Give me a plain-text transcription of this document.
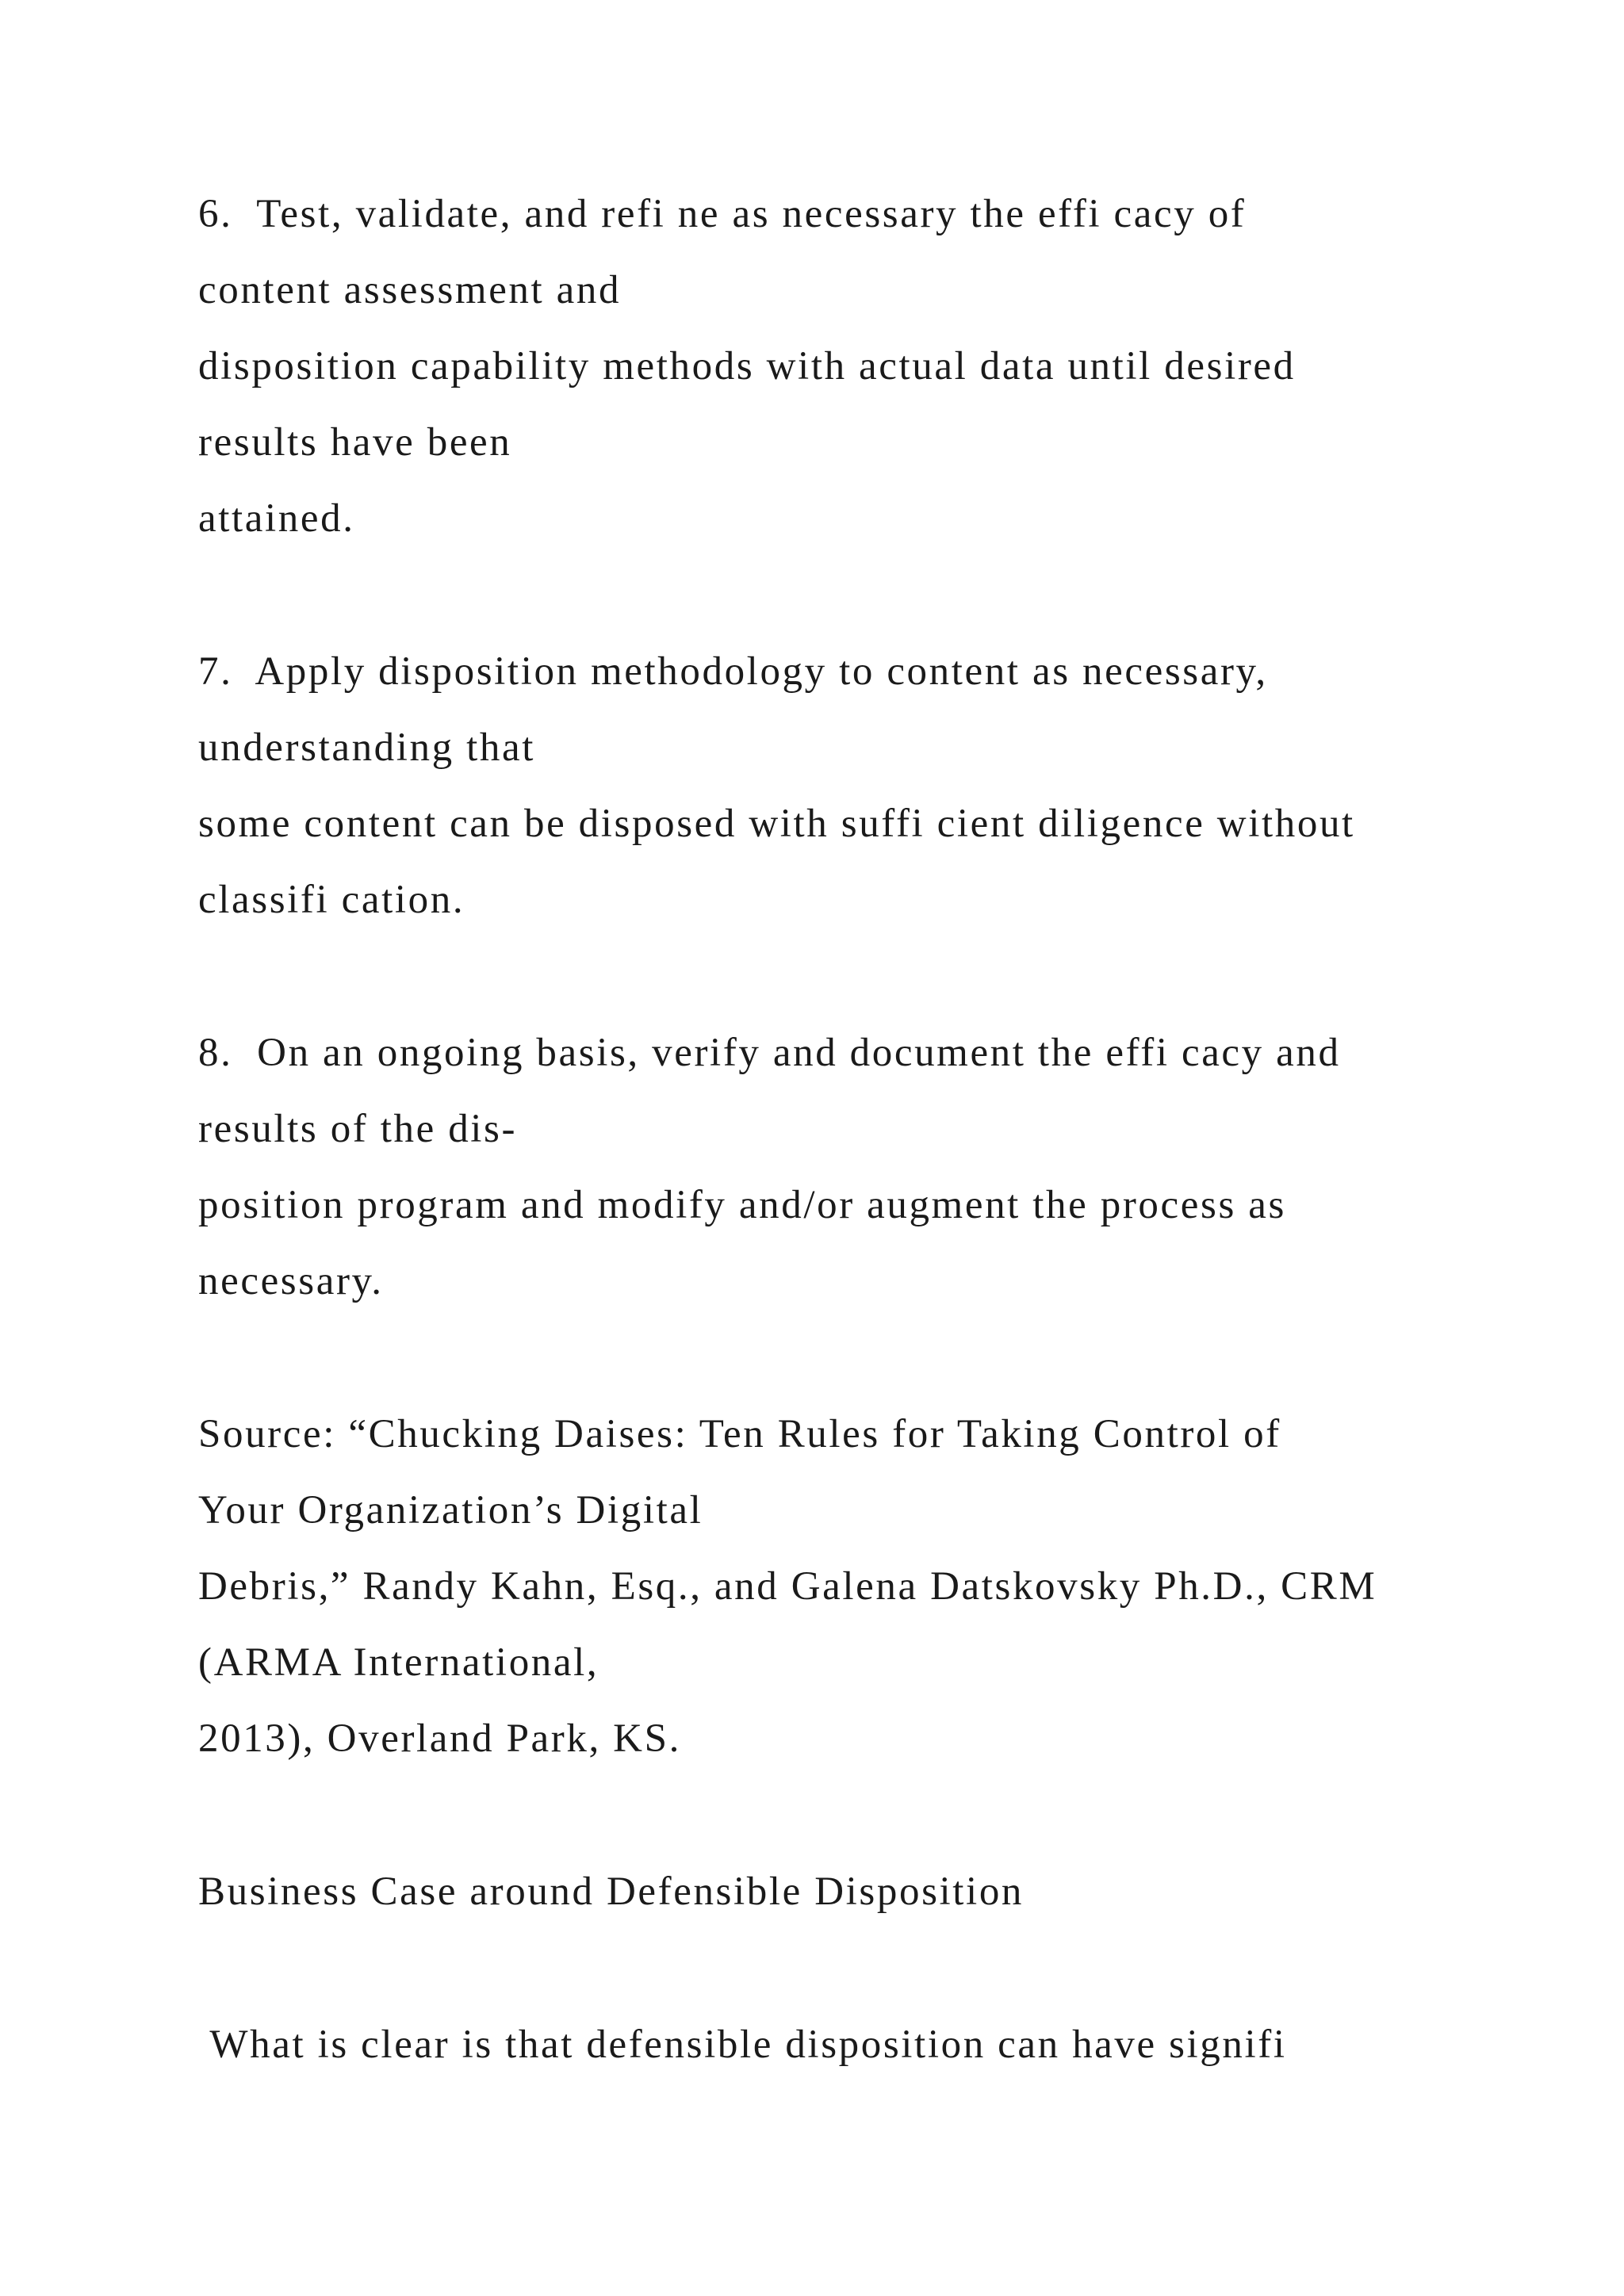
6.  Test, validate, and refi ne as necessary the effi cacy of

content assessment and

disposition capability methods with actual data until desired

results have been

attained.

7.  Apply disposition methodology to content as necessary,

understanding that

some content can be disposed with suffi cient diligence without

classifi cation.

8.  On an ongoing basis, verify and document the effi cacy and

results of the dis-

position program and modify and/or augment the process as

necessary.

Source: “Chucking Daises: Ten Rules for Taking Control of

Your Organization’s Digital

Debris,” Randy Kahn, Esq., and Galena Datskovsky Ph.D., CRM

(ARMA International,

2013), Overland Park, KS.

Business Case around Defensible Disposition

What is clear is that defensible disposition can have signifi
